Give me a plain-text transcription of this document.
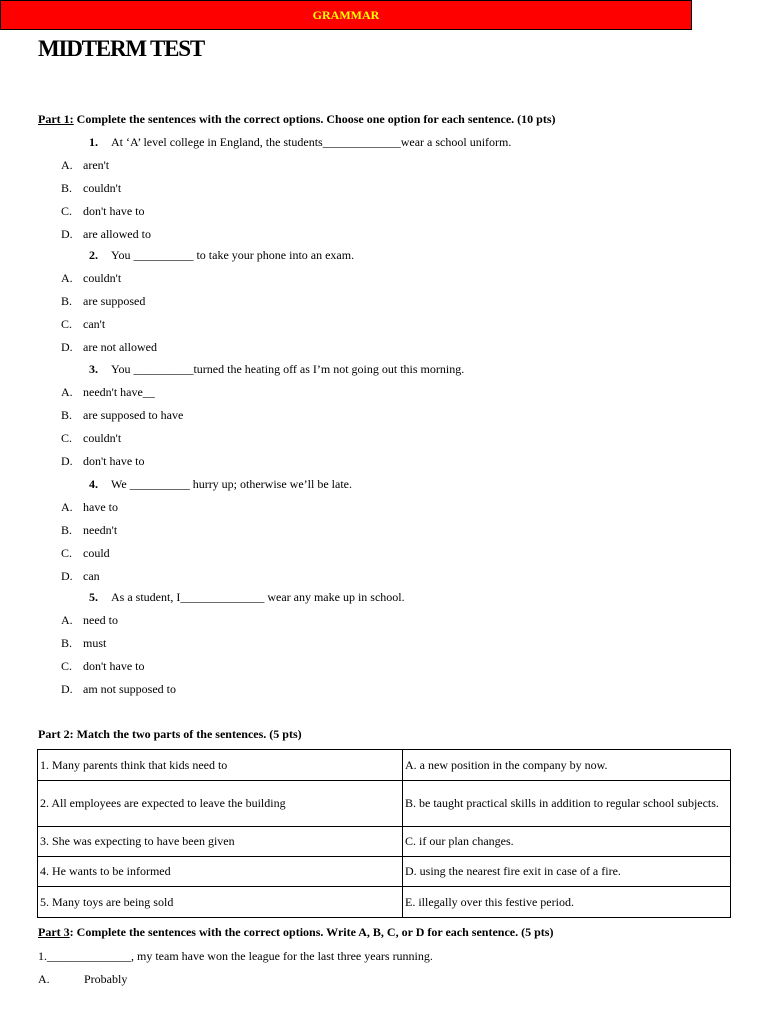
MIDTERM TEST
GRAMMAR
Part 1: Complete the sentences with the correct options. Choose one option for each sentence. (10 pts)
1. At ‘A’ level college in England, the students_____________wear a school uniform.
A. aren't
B. couldn't
C. don't have to
D. are allowed to
2. You __________ to take your phone into an exam.
A. couldn't
B. are supposed
C. can't
D. are not allowed
3. You __________turned the heating off as I’m not going out this morning.
A. needn't have__
B. are supposed to have
C. couldn't
D. don't have to
4. We __________ hurry up; otherwise we’ll be late.
A. have to
B. needn't
C. could
D. can
5. As a student, I______________ wear any make up in school.
A. need to
B. must
C. don't have to
D. am not supposed to
Part 2: Match the two parts of the sentences. (5 pts)
1. Many parents think that kids need to	A. a new position in the company by now.
2. All employees are expected to leave the building	B. be taught practical skills in addition to regular school subjects.
3. She was expecting to have been given	C. if our plan changes.
4. He wants to be informed	D. using the nearest fire exit in case of a fire.
5. Many toys are being sold	E. illegally over this festive period.
Part 3: Complete the sentences with the correct options. Write A, B, C, or D for each sentence. (5 pts)
1.______________, my team have won the league for the last three years running.
A.	Probably
